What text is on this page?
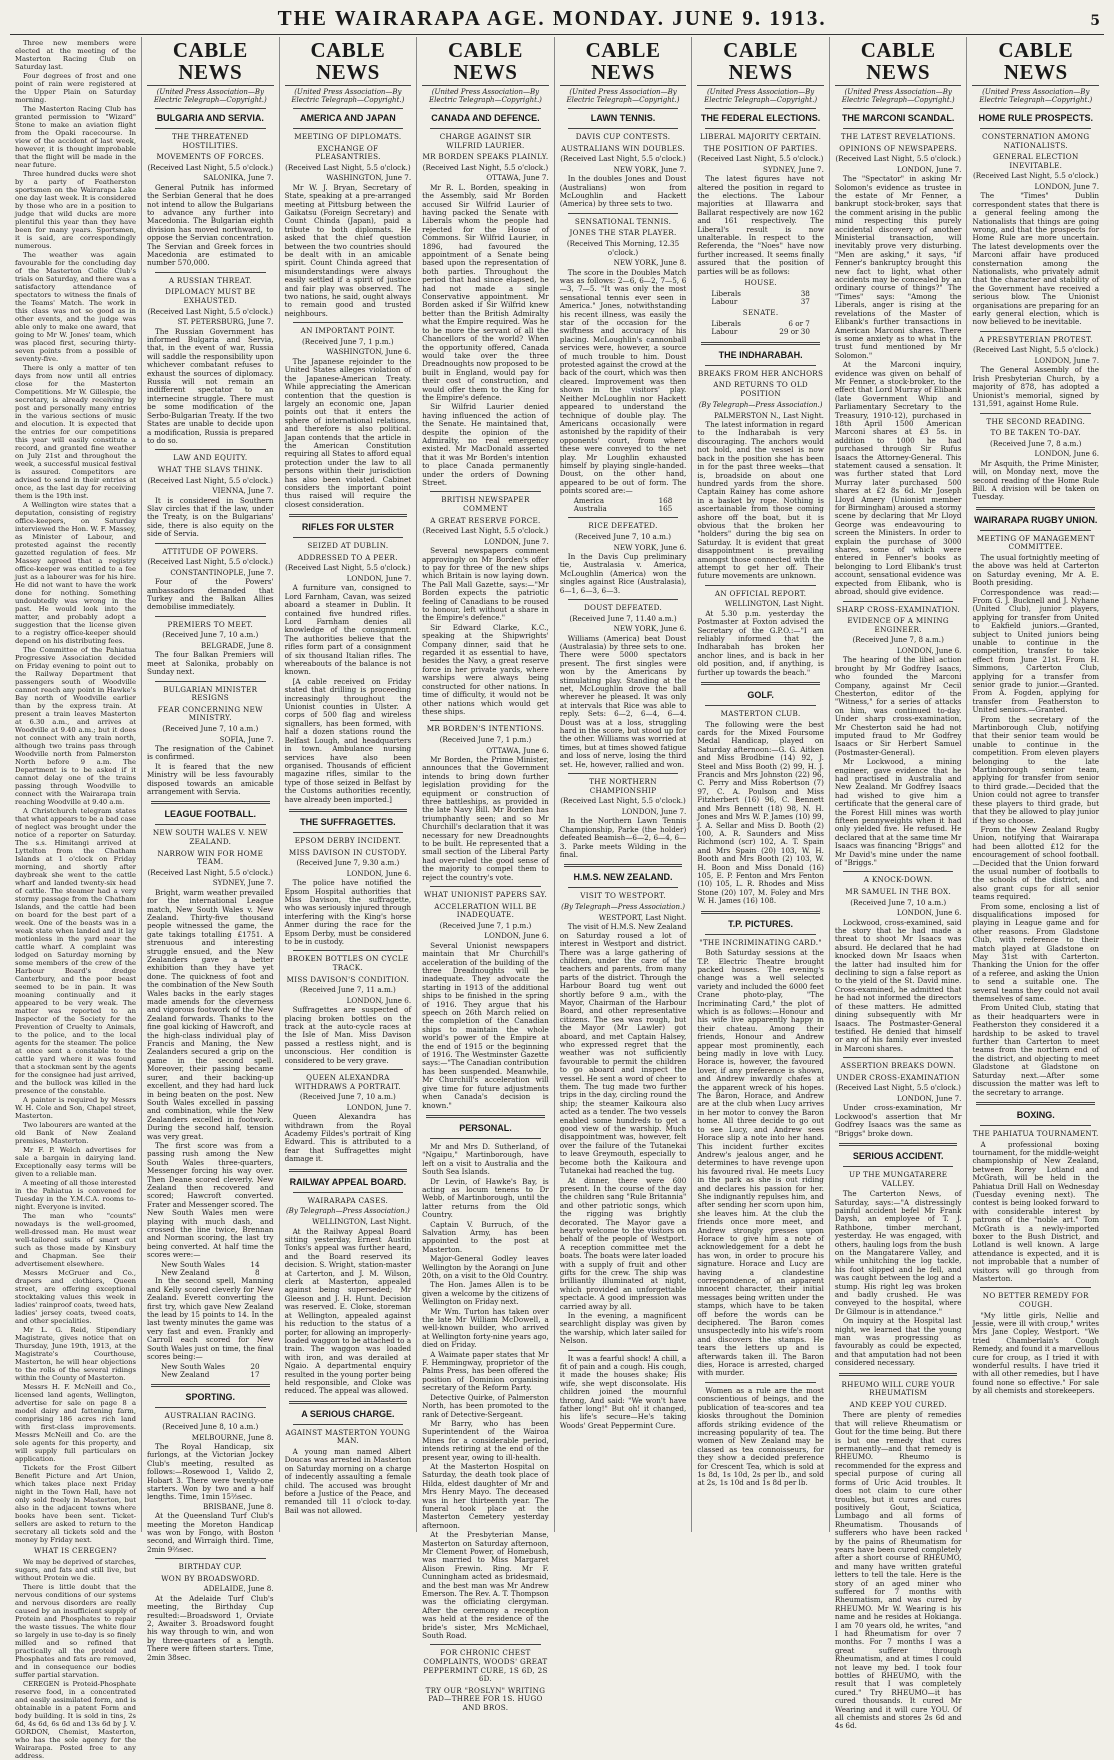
THE WAIRARAPA AGE. MONDAY. JUNE 9. 1913.	5
Three new members were elected at the meeting of the Masterton Racing Club on Saturday last.
Four degrees of frost and one point of rain were registered at the Upper Plain on Saturday morning.
The Masterton Racing Club has granted permission to "Wizard" Stone to make an aviation flight from the Opaki racecourse. In view of the accident of last week, however, it is thought improbable that the flight will be made in the near future.
Three hundred ducks were shot by a party of Featherston sportsmen on the Wairarapa Lake one day last week. It is considered by those who are in a position to judge that wild ducks are more plentiful this year than they have been for many years. Sportsmen, it is said, are correspondingly numerous.
The weather was again favourable for the concluding day of the Masterton Collie Club's trials on Saturday, and there was a satisfactory attendance of spectators to witness the finals of the Teams' Match. The work in this class was not so good as in other events, and the judge was able only to make one award, that going to Mr W. Jones' team, which was placed first, securing thirty-seven points from a possible of seventy-five.
There is only a matter of ten days from now until all entries close for the Masterton Competitions. Mr W. Gillespie, the secretary, is already receiving by post and personally many entries in the various sections of music and elocution. It is expected that the entries for our competitions this year will easily constitute a record, and granted fine weather on July 21st and throughout the week, a successful musical festival is assured. Competitors are advised to send in their entries at once, as the last day for receiving them is the 19th inst.
A Wellington wire states that a deputation, consisting of registry office-keepers, on Saturday interviewed the Hon. W. F. Massey, as Minister of Labour, and protested against the recently gazetted regulation of fees. Mr Massey agreed that a registry office-keeper was entitled to a fee just as a labourer was for his hire. He did not want to have the work done for nothing. Something undoubtedly was wrong in the past. He would look into the matter, and probably adopt a suggestion that the license given to a registry office-keeper should depend on his distributing fees.
The Committee of the Pahiatua Progressive Association decided on Friday evening to point out to the Railway Department that passengers south of Woodville cannot reach any point in Hawke's Bay north of Woodville earlier than by the express train. At present a train leaves Masterton at 6.30 a.m., and arrives at Woodville at 9.40 a.m.; but it does not connect with any train north, although two trains pass through Woodville north from Palmerston North before 9 a.m. The Department is to be asked if it cannot delay one of the trains passing through Woodville to connect with the Wairarapa train reaching Woodville at 9.40 a.m.
A Christchurch telegram states that what appears to be a bad case of neglect was brought under the notice of a reporter on Saturday. The s.s. Himitangi arrived at Lyttelton from the Chatham Islands at 1 o'clock on Friday morning, and shortly after daybreak she went to the cattle wharf and landed twenty-six head of cattle. The steamer had a very stormy passage from the Chatham Islands, and the cattle had been on board for the best part of a week. One of the beasts was in a weak state when landed and it lay motionless in the yard near the cattle wharf. A complaint was lodged on Saturday morning by some members of the crew of the Harbour Board's dredge Canterbury, and the poor beast seemed to be in pain. It was moaning continually and it appeared to be very weak. The matter was reported to an Inspector of the Society for the Prevention of Cruelty to Animals, to the police, and to the local agents for the steamer. The police at once sent a constable to the cattle yard where it was found that a stockman sent by the agents for the consignee had just arrived, and the bullock was killed in the presence of the constable.
A painter is required by Messrs W. H. Cole and Son, Chapel street, Masterton.
Two labourers are wanted at the old Bank of New Zealand premises, Masterton.
Mr F. P. Welch advertises for sale a bargain in dairying land. Exceptionally easy terms will be given to a reliable man.
A meeting of all those interested in the Pahiatua is convened for Tuesday in the Y.M.C.A. rooms to-night. Everyone is invited.
The man who "counts" nowadays is the well-groomed, well-dressed man. He must wear well-tailored suits of smart cut such as those made by Kinsbury and Chapman. See their advertisement elsewhere.
Messrs McGruer and Co., drapers and clothiers, Queen street, are offering exceptional stocktaking values this week in ladies' rainproof coats, tweed hats, ladies' jersey coats, tweed coats, and other specialities.
Mr L. G. Reid, Stipendiary Magistrate, gives notice that on Thursday, June 19th, 1913, at the Magistrate's Courthouse, Masterton, he will hear objections to the rolls of the several ridings within the County of Masterton.
Messrs H. F. McNeill and Co., licensed land agents, Wellington, advertise for sale on page 8 a model dairy and fattening farm, comprising 186 acres rich land with first-class improvements. Messrs McNeill and Co. are the sole agents for this property, and will supply full particulars on application.
Tickets for the Frost Gilbert Benefit Picture and Art Union, which takes place next Friday night in the Town Hall, have not only sold freely in Masterton, but also in the adjacent towns where books have been sent. Ticket-sellers are asked to return to the secretary all tickets sold and the money by Friday next.
WHAT IS CEREGEN?
We may be deprived of starches, sugars, and fats and still live, but without Protein we die.
There is little doubt that the nervous conditions of our systems and nervous disorders are really caused by an insufficient supply of Protein and Phosphates to repair the waste tissues. The white flour so largely in use to-day is so finely milled and so refined that practically all the proteid and Phosphates and fats are removed, and in consequence our bodies suffer partial starvation.
CEREGEN is Proteid-Phosphate reserve food, in a concentrated and easily assimilated form, and is obtainable in a patent Form and body building. It is sold in tins, 2s 6d, 4s 6d, 6s 6d and 13s 6d by J. V. GORDON, Chemist, Masterton, who has the sole agency for the Wairarapa. Posted free to any address.
CABLE NEWS
(United Press Association—By Electric Telegraph—Copyright.)
BULGARIA AND SERVIA.
THE THREATENED HOSTILITIES.
MOVEMENTS OF FORCES.
(Received Last Night, 5.5 o'clock.)
SALONIKA, June 7.
General Putnik has informed the Serbian General that he does not intend to allow the Bulgarians to advance any further into Macedonia. The Bulgarian eighth division has moved northward, to oppose the Servian concentration. The Servian and Greek forces in Macedonia are estimated to number 570,000.
A RUSSIAN THREAT.
DIPLOMACY MUST BE EXHAUSTED.
(Received Last Night, 5.5 o'clock.)
ST. PETERSBURG, June 7.
The Russian Government has informed Bulgaria and Servia, that, in the event of war, Russia will saddle the responsibility upon whichever combatant refuses to exhaust the sources of diplomacy. Russia will not remain an indifferent spectator to an internecine struggle. There must be some modification of the Serbo-Bulgarian Treaty. If the two States are unable to decide upon a modification, Russia is prepared to do so.
LAW AND EQUITY.
WHAT THE SLAVS THINK.
(Received Last Night, 5.5 o'clock.)
VIENNA, June 7.
It is considered in Southern Slav circles that if the law, under the Treaty, is on the Bulgarians' side, there is also equity on the side of Servia.
ATTITUDE OF POWERS.
(Received Last Night, 5.5 o'clock.)
CONSTANTINOPLE, June 7.
Four of the Powers' ambassadors demanded that Turkey and the Balkan Allies demobilise immediately.
PREMIERS TO MEET.
(Received June 7, 10 a.m.)
BELGRADE, June 8.
The four Balkan Premiers will meet at Salonika, probably on Sunday next.
BULGARIAN MINISTER RESIGNS
FEAR CONCERNING NEW MINISTRY.
(Received June 7, 10 a.m.)
SOFIA, June 7.
The resignation of the Cabinet is confirmed.
It is feared that the new Ministry will be less favourably disposed towards an amicable arrangement with Servia.
LEAGUE FOOTBALL.
NEW SOUTH WALES V. NEW ZEALAND.
NARROW WIN FOR HOME TEAM.
(Received Last Night, 5.5 o'clock.)
SYDNEY, June 7.
Bright, warm weather prevailed for the international League match, New South Wales v. New Zealand. Thirty-five thousand people witnessed the game, the gate takings totalling £1751. A strenuous and interesting struggle ensued, and the New Zealanders gave a better exhibition than they have yet done. The quickness of foot and the combination of the New South Wales backs in the early stages made amends for the cleverness and vigorous footwork of the New Zealand forwards. Thanks to the fine goal kicking of Hawcroft, and the high-class individual play of Francis and Maning, the New Zealanders secured a grip on the game in the second spell. Moreover, their passing became surer, and their backing-up excellent, and they had hard luck in being beaten on the post. New South Wales excelled in passing and combination, while the New Zealanders excelled in footwork. During the second half, tension was very great.
The first score was from a passing rush among the New South Wales three-quarters, Messenger forcing his way over. Then Deane scored cleverly. New Zealand then recovered and scored; Hawcroft converted. Frater and Messenger scored. The New South Wales men were playing with much dash, and crossed the line twice, Brennan and Norman scoring, the last try being converted. At half time the scores were:—
New South Wales	14
New Zealand	8
In the second spell, Manning and Kelly scored cleverly for New Zealand. Everett converting the first try, which gave New Zealand the lead by 15 points to 14. In the last twenty minutes the game was very fast and even. Frankly and Carroll each scored for New South Wales just on time, the final scores being:—
New South Wales	20
New Zealand	17
SPORTING.
AUSTRALIAN RACING.
(Received June 8, 10 a.m.)
MELBOURNE, June 8.
The Royal Handicap, six furlongs, at the Victorian Jockey Club's meeting, resulted as follows:—Rosewood 1, Valido 2, Hobart 3. There were twenty-one starters. Won by two and a half lengths. Time, 1min 15⅔sec.
BRISBANE, June 8.
At the Queensland Turf Club's meeting the Moreton Handicap was won by Fongo, with Boston second, and Wirraigh third. Time, 2min 9⅔sec.
BIRTHDAY CUP.
WON BY BROADSWORD.
ADELAIDE, June 8.
At the Adelaide Turf Club's meeting, the Birthday Cup resulted:—Broadsword 1, Orviate 2, Awaiter 3. Broadsword fought his way through to win, and won by three-quarters of a length. There were fifteen starters. Time, 2min 38sec.
CABLE NEWS
(United Press Association—By Electric Telegraph—Copyright.)
AMERICA AND JAPAN
MEETING OF DIPLOMATS.
EXCHANGE OF PLEASANTRIES.
(Received Last Night, 5.5 o'clock.)
WASHINGTON, June 7.
Mr W. J. Bryan, Secretary of State, speaking at a pre-arranged meeting at Pittsburg between the Gaikatsu (Foreign Secretary) and Count Chinda (Japan), paid a tribute to both diplomats. He asked that the chief question between the two countries should be dealt with in an amicable spirit. Count Chinda agreed that misunderstandings were always easily settled if a spirit of justice and fair play was observed. The two nations, he said, ought always to remain good and trusted neighbours.
AN IMPORTANT POINT.
(Received June 7, 1 p.m.)
WASHINGTON, June 6.
The Japanese rejoinder to the United States alleges violation of the Japanese-American Treaty. While appreciating the American contention that the question is largely an economic one, Japan points out that it enters the sphere of international relations, and therefore is also political. Japan contends that the article in the American Constitution requiring all States to afford equal protection under the law to all persons within their jurisdiction has also been violated. Cabinet considers the important point thus raised will require the closest consideration.
RIFLES FOR ULSTER
SEIZED AT DUBLIN.
ADDRESSED TO A PEER.
(Received Last Night, 5.5 o'clock.)
LONDON, June 7.
A furniture van, consigned to Lord Farnham, Cavan, was seized aboard a steamer in Dublin. It contained five hundred rifles. Lord Farnham denies all knowledge of the consignment. The authorities believe that the rifles form part of a consignment of six thousand Italian rifles. The whereabouts of the balance is not known.
[A cable received on Friday stated that drilling is proceeding increasingly throughout the Unionist counties in Ulster. A corps of 500 flag and wireless signallers, has been formed, with half a dozen stations round the Belfast Lough, and headquarters in town. Ambulance nursing services have also been organised. Thousands of efficient magazine rifles, similar to the type of those seized in Belfast by the Customs authorities recently, have already been imported.]
THE SUFFRAGETTES.
EPSOM DERBY INCIDENT.
MISS DAVISON IN CUSTODY.
(Received June 7, 9.30 a.m.)
LONDON, June 6.
The police have notified the Epsom Hospital authorities that Miss Davison, the suffragette, who was seriously injured through interfering with the King's horse Anmer during the race for the Epsom Derby, must be considered to be in custody.
BROKEN BOTTLES ON CYCLE TRACK.
MISS DAVISON'S CONDITION.
(Received June 7, 11 a.m.)
LONDON, June 6.
Suffragettes are suspected of placing broken bottles on the track at the auto-cycle races at the Isle of Man. Miss Davison passed a restless night, and is unconscious. Her condition is considered to be very grave.
QUEEN ALEXANDRA WITHDRAWS A PORTRAIT.
(Received June 7, 10 a.m.)
LONDON, June 7.
Queen Alexandra has withdrawn from the Royal Academy Fildes's portrait of King Edward. This is attributed to a fear that Suffragettes might damage it.
RAILWAY APPEAL BOARD.
WAIRARAPA CASES.
(By Telegraph—Press Association.)
WELLINGTON, Last Night.
At the Railway Appeal Board sitting yesterday, Ernest Austin Tonks's appeal was further heard, and the Board reserved its decision. S. Wright, station-master at Carterton, and J. M. Wilson, clerk at Masterton, appealed against being superseded; Mr Gleeson and J. H. Hunt. Decision was reserved. E. Cloke, storeman at Wellington, appealed against his reduction to the status of a porter, for allowing an improperly-loaded waggon to be attached to a train. The waggon was loaded with iron, and was derailed at Ngaio. A departmental enquiry resulted in the young porter being held responsible, and Cloke was reduced. The appeal was allowed.
A SERIOUS CHARGE.
AGAINST MASTERTON YOUNG MAN.
A young man named Albert Doucas was arrested in Masterton on Saturday morning on a charge of indecently assaulting a female child. The accused was brought before a Justice of the Peace, and remanded till 11 o'clock to-day. Bail was not allowed.
CABLE NEWS
(United Press Association—By Electric Telegraph—Copyright.)
CANADA AND DEFENCE.
CHARGE AGAINST SIR WILFRID LAURIER.
MR BORDEN SPEAKS PLAINLY.
(Received Last Night, 5.5 o'clock.)
OTTAWA, June 7.
Mr R. L. Borden, speaking in the Assembly, said Mr Borden accused Sir Wilfrid Laurier of having packed the Senate with Liberals whom the people had rejected for the House of Commons. Sir Wilfrid Laurier, in 1896, had favoured the appointment of a Senate being based upon the representation of both parties. Throughout the period that had since elapsed, he had not made a single Conservative appointment. Mr Borden asked if Sir Wilfrid knew better than the British Admiralty what the Empire required. Was he to be more the servant of all the Chancellors of the world? When the opportunity offered, Canada would take over the three Dreadnoughts now proposed to be built in England, would pay for their cost of construction, and would offer them to the King for the Empire's defence.
Sir Wilfrid Laurier denied having influenced the action of the Senate. He maintained that, despite the opinion of the Admiralty, no real emergency existed. Mr MacDonald asserted that it was Mr Borden's intention to place Canada permanently under the orders of Downing Street.
BRITISH NEWSPAPER COMMENT
A GREAT RESERVE FORCE.
(Received Last Night, 5.5 o'clock.)
LONDON, June 7.
Several newspapers comment approvingly on Mr Borden's offer to pay for three of the new ships which Britain is now laying down. The Pall Mall Gazette, says:—"Mr Borden expects the patriotic feeling of Canadians to be roused to honour, left without a share in the Empire's defence."
Sir Edward Clarke, K.C., speaking at the Shipwrights' Company dinner, said that he regarded it as essential to have, besides the Navy, a great reserve force in her private yards, where warships were always being constructed for other nations. In time of difficulty, it would not be other nations which would get these ships.
MR BORDEN'S INTENTIONS.
(Received June 7, 1 p.m.)
OTTAWA, June 6.
Mr Borden, the Prime Minister, announces that the Government intends to bring down further legislation providing for the equipment or construction of three battleships, as provided in the late Navy Bill. Mr Borden has triumphantly seen; and so Mr Churchill's declaration that it was necessary for new Dreadnoughts to be built. He represented that a small section of the Liberal Party had over-ruled the good sense of the majority to compel them to reject the country's vote.
WHAT UNIONIST PAPERS SAY.
ACCELERATION WILL BE INADEQUATE.
(Received June 7, 1 p.m.)
LONDON, June 6.
Several Unionist newspapers maintain that Mr Churchill's acceleration of the building of the three Dreadnoughts will be inadequate. They advocate the starting in 1913 of the additional ships to be finished in the spring of 1916. They argue that his speech on 26th March relied on the completion of the Canadian ships to maintain the whole world's power of the Empire at the end of 1915 or the beginning of 1916. The Westminster Gazette says:—"The Canadian contribution has been suspended. Meanwhile, Mr Churchill's acceleration will give time for future adjustments when Canada's decision is known."
PERSONAL.
Mr and Mrs D. Sutherland, of "Ngaipu," Martinborough, have left on a visit to Australia and the South Sea Islands.
Dr Levin, of Hawke's Bay, is acting as locum tenens to Dr Webb, of Martinborough, until the latter returns from the Old Country.
Captain V. Burruch, of the Salvation Army, has been appointed to the post at Masterton.
Major-General Godley leaves Wellington by the Aorangi on June 20th, on a visit to the Old Country.
The Hon. James Allen is to be given a welcome by the citizens of Wellington on Friday next.
Mr Wm. Turton has taken over the late Mr William McDowell, a well-known builder, who arrived at Wellington forty-nine years ago, died on Friday.
A Waimate paper states that Mr F. Hemmingway, proprietor of the Palms Press, has been offered the position of Dominion organising secretary of the Reform Party.
Detective Quirke, of Palmerston North, has been promoted to the rank of Detective-Sergeant.
Mr Barry, who has been Superintendent of the Wairoa Mines for a considerable period, intends retiring at the end of the present year, owing to ill-health.
At the Masterton Hospital on Saturday, the death took place of Hilda, eldest daughter of Mr and Mrs Henry Mayo. The deceased was in her thirteenth year. The funeral took place at the Masterton Cemetery yesterday afternoon.
At the Presbyterian Manse, Masterton on Saturday afternoon, Mr Clement Power, of Homebush, was married to Miss Margaret Alison Frewin. Ring. Mr F. Cunningham acted as bridesmaid, and the best man was Mr Andrew Emerson. The Rev. A. T. Thompson was the officiating clergyman. After the ceremony a reception was held at the residence of the bride's sister, Mrs McMichael, South Road.
FOR CHRONIC CHEST COMPLAINTS, WOODS' GREAT PEPPERMINT CURE, 1S 6D, 2S 6D.
TRY OUR "ROSLYN" WRITING PAD—THREE FOR 1S. HUGO AND BROS.
CABLE NEWS
(United Press Association—By Electric Telegraph—Copyright.)
LAWN TENNIS.
DAVIS CUP CONTESTS.
AUSTRALIANS WIN DOUBLES.
(Received Last Night, 5.5 o'clock.)
NEW YORK, June 7.
In the doubles Jones and Doust (Australians) won from McLoughlin and Hackett (America) by three sets to two.
SENSATIONAL TENNIS.
JONES THE STAR PLAYER.
(Received This Morning, 12.35 o'clock.)
NEW YORK, June 8.
The score in the Doubles Match was as follows: 2—6, 6—2, 7—5, 6—3, 7—5. "It was only the most sensational tennis ever seen in America." Jones, notwithstanding his recent illness, was easily the star of the occasion for the swiftness and accuracy of his placing. McLoughlin's cannonball services were, however, a source of much trouble to him. Doust protested against the crowd at the back of the court, which was then cleared. Improvement was then shown in the visitors' play. Neither McLoughlin nor Hackett appeared to understand the technique of double play. The Americans occasionally were astonished by the rapidity of their opponents' court, from where these were conveyed to the net play. Mr Loughlin exhausted himself by playing single-handed. Doust, on the other hand, appeared to be out of form. The points scored are:—
America	168
Australia	165
RICE DEFEATED.
(Received June 7, 10 a.m.)
NEW YORK, June 6.
In the Davis Cup preliminary tie, Australasia v. America, McLoughlin (America) won the singles against Rice (Australasia), 6—1, 6—3, 6—3.
DOUST DEFEATED.
(Received June 7, 11.40 a.m.)
NEW YORK, June 6.
Williams (America) beat Doust (Australasia) by three sets to one. There were 5000 spectators present. The first singles were won by the Americans by stimulating play. Standing at the net, McLoughlin drove the ball wherever he pleased. It was only at intervals that Rice was able to reply. Sets: 6—2, 6—4, 6—4. Doust was at a loss, struggling hard in the score, but stood up for the other. Williams was worried at times, but at times showed fatigue and loss of nerve, losing the third set. He, however, rallied and won.
THE NORTHERN CHAMPIONSHIP
(Received Last Night, 5.5 o'clock.)
LONDON, June 7.
In the Northern Lawn Tennis Championship, Parke (the holder) defeated Beamish—6—2, 6—4, 6—3. Parke meets Wilding in the final.
H.M.S. NEW ZEALAND.
VISIT TO WESTPORT.
(By Telegraph—Press Association.)
WESTPORT, Last Night.
The visit of H.M.S. New Zealand on Saturday roused a lot of interest in Westport and district. There was a large gathering of children, under the care of the teachers and parents, from many parts of the district. Through the Harbour Board tug went out shortly before 9 a.m., with the Mayor, Chairman of the Harbour Board, and other representative citizens. The sea was rough, but the Mayor (Mr Lawler) got aboard, and met Captain Halsey, who expressed regret that the weather was not sufficiently favourable to permit the children to go aboard and inspect the vessel. He sent a word of cheer to them. The tug made two further trips in the day, circling round the ship; the steamer Kaikoura also acted as a tender. The two vessels enabled some hundreds to get a good view of the warship. Much disappointment was, however, felt over the failure of the Tutanekai to leave Greymouth, especially to become both the Kaikoura and Tutanekai had reached the tug.
At dinner, there were 600 present. In the course of the day the children sang "Rule Britannia" and other patriotic songs, which the rigging was brightly decorated. The Mayor gave a hearty welcome to the visitors on behalf of the people of Westport. A reception committee met the boats. The boats were later loaded with a supply of fruit and other gifts for the crew. The ship was brilliantly illuminated at night, which provided an unforgettable spectacle. A good impression was carried away by all.
In the evening, a magnificent searchlight display was given by the warship, which later sailed for Nelson.
It was a fearful shock! A chill, a fit of pain and a cough. His cough, it made the houses shake; His wife, she wept disconsolate. His children joined the mournful throng, And said: "We won't have father long!" But oh! it changed, his life's secure—He's taking Woods' Great Peppermint Cure.
CABLE NEWS
(United Press Association—By Electric Telegraph—Copyright.)
THE FEDERAL ELECTIONS.
LIBERAL MAJORITY CERTAIN.
THE POSITION OF PARTIES.
(Received Last Night, 5.5 o'clock.)
SYDNEY, June 7.
The latest figures have not altered the position in regard to the elections. The Labour majorities at Illawarra and Ballarat respectively are now 162 and 161 respectively. The Liberal's result is now unalterable. In respect to the Referenda, the "Noes" have now further increased. It seems finally assured that the position of parties will be as follows:
HOUSE.
Liberals	38
Labour	37
SENATE.
Liberals	6 or 7
Labour	29 or 30
THE INDHARABAH.
BREAKS FROM HER ANCHORS
AND RETURNS TO OLD POSITION
(By Telegraph—Press Association.)
PALMERSTON N., Last Night.
The latest information in regard to the Indharabah is very discouraging. The anchors would not hold, and the vessel is now back in the position she has been in for the past three weeks—that is, broadside on about one hundred yards from the shore. Captain Rainey has come ashore in a basket by rope. Nothing is ascertainable from those coming ashore off the boat, but it is obvious that the broken her "holders" during the big sea on Saturday. It is evident that great disappointment is prevailing amongst those connected with the attempt to get her off. Their future movements are unknown.
AN OFFICIAL REPORT.
WELLINGTON, Last Night.
At 5.30 p.m. yesterday the Postmaster at Foxton advised the Secretary of the G.P.O.:—"I am reliably informed that the Indharabah has broken her anchor lines, and is back in her old position, and, if anything, is further up towards the beach."
GOLF.
MASTERTON CLUB.
The following were the best cards for the Mixed Foursome Medal Handicap, played on Saturday afternoon:—G. G. Aitken and Miss Brodbine (14) 92, J. Steel and Miss Booth (2) 99, H. J. Francis and Mrs Johnston (22) 96, C. Perry and Miss Robertson (7) 97, C. A. Poulson and Miss Fitzherbert (16) 96, C. Bennett and Mrs Bennett (18) 98, N. H. Jones and Mrs W. P. James (10) 99, J. A. Sellar and Miss D. Booth (2) 100, A. R. Saunders and Miss Richmond (scr) 102, A. T. Spain and Mrs Spain (20) 103, W. H. Booth and Mrs Booth (2) 103, W. H. Boon and Miss Donald (16) 105, E. P. Fenton and Mrs Fenton (10) 105, L. R. Rhodes and Miss Stone (20) 107, M. Foley and Mrs W. H. James (16) 108.
T.P. PICTURES.
"THE INCRIMINATING CARD."
Both Saturday sessions at the T.P. Electric Theatre brought packed houses. The evening's change was a well selected variety and included the 6000 feet Crane photo-play, "The Incriminating Card," the plot of which is as follows:—Honour and his wife live apparently happy in their chateau. Among their friends, Honour and Andrew appear most prominently, each being madly in love with Lucy. Horace is, however, the favoured lover, if any preference is shown, and Andrew inwardly chafes at the apparent wreck of his hopes. The Baron, Horace, and Andrew are at the club when Lucy arrives in her motor to convey the Baron home. All three decide to go out to see Lucy, and Andrew sees Horace slip a note into her hand. This incident further excites Andrew's jealous anger, and he determines to have revenge upon his favoured rival. He meets Lucy in the park as she is out riding and declares his passion for her. She indignantly repulses him, and after sending her scorn upon him, she leaves him. At the club the friends once more meet, and Andrew strongly presses upon Horace to give him a note of acknowledgement for a debt he has won, in order to procure his signature. Horace and Lucy are having a clandestine correspondence, of an apparent innocent character, their initial messages being written under the stamps, which have to be taken off before the words can be deciphered. The Baron comes unsuspectedly into his wife's room and discovers the stamps. He tears the letters up and is afterwards taken ill. The Baron dies, Horace is arrested, charged with murder.
Women as a rule are the most conscientious of beings, and the publication of tea-scores and tea kiosks throughout the Dominion affords striking evidence of the increasing popularity of tea. The women of New Zealand may be classed as tea connoisseurs, for they show a decided preference for Crescent Tea, which is sold at 1s 8d, 1s 10d, 2s per lb., and sold at 2s, 1s 10d and 1s 8d per lb.
CABLE NEWS
(United Press Association—By Electric Telegraph—Copyright.)
THE MARCONI SCANDAL.
THE LATEST REVELATIONS.
OPINIONS OF NEWSPAPERS.
(Received Last Night, 5.5 o'clock.)
LONDON, June 7.
The "Spectator" in asking Mr Solomon's evidence as trustee in the estate of Mr Fenner, a bankrupt stock-broker, says that the comment arising in the public mind respecting this purely accidental discovery of another Ministerial transaction, will inevitably prove very disturbing. "Men are asking," it says, "if Fenner's bankruptcy brought this new fact to light, what other accidents may be concealed by an ordinary course of things?" The "Times" says: "Among the Liberals, anger is rising at the revelations of the Master of Elibank's further transactions in American Marconi shares. There is some anxiety as to what in the trust fund mentioned by Mr Solomon."
At the Marconi inquiry, evidence was given on behalf of Mr Fenner, a stock-broker, to the effect that Lord Murray of Elibank (late Government Whip and Parliamentary Secretary to the Treasury, 1910-12), purchased in 18th April 1500 American Marconi shares at £3 5s. in addition to 1000 he had purchased through Sir Rufus Isaacs the Attorney-General. This statement caused a sensation. It was further stated that Lord Murray later purchased 500 shares at £2 8s 6d. Mr Joseph Lloyd Amery (Unionist member for Birmingham) aroused a stormy scene by declaring that Mr Lloyd George was endeavouring to screen the Ministers. In order to explain the purchase of 3000 shares, some of which were entered in Fenner's books as belonging to Lord Elibank's trust account, sensational evidence was expected from Elibank, who is abroad, should give evidence.
SHARP CROSS-EXAMINATION.
EVIDENCE OF A MINING ENGINEER.
(Received June 7, 8 a.m.)
LONDON, June 6.
The hearing of the libel action brought by Mr Godfrey Isaacs, who founded the Marconi Company, against Mr Cecil Chesterton, editor of the "Witness," for a series of attacks on him, was continued to-day. Under sharp cross-examination, Mr Chesterton said he had not imputed fraud to Mr Godfrey Isaacs or Sir Herbert Samuel (Postmaster-General).
Mr Lockwood, a mining engineer, gave evidence that he had practised in Australia and New Zealand. Mr Godfrey Isaacs had wished to give him a certificate that the general care of the Forest Hill mines was worth fifteen pennyweights when it had only yielded five. He refused. He declared that at the same time Mr Isaacs was financing "Briggs" and Mr David's mine under the name of "Briggs."
A KNOCK-DOWN.
MR SAMUEL IN THE BOX.
(Received June 7, 10 a.m.)
LONDON, June 6.
Lockwood, cross-examined, said the story that he had made a threat to shoot Mr Isaacs was absurd. He declared that he had knocked down Mr Isaacs when the latter had insulted him for declining to sign a false report as to the yield of the St. David mine. Cross-examined, he admitted that he had not informed the directors of these matters. He admitted dining subsequently with Mr Isaacs. The Postmaster-General testified. He denied that himself or any of his family ever invested in Marconi shares.
ASSERTION BREAKS DOWN.
UNDER CROSS-EXAMINATION
(Received Last Night, 5.5 o'clock.)
LONDON, June 7.
Under cross-examination, Mr Lockwood's assertion that Mr Godfrey Isaacs was the same as "Briggs" broke down.
SERIOUS ACCIDENT.
UP THE MUNGATARERE VALLEY.
The Carterton News, of Saturday, says:—"A distressingly painful accident befel Mr Frank Daysh, an employee of T. J. Rathbone, timber merchant, yesterday. He was engaged, with others, hauling logs from the bush on the Mangatarere Valley, and while unhitching the log tackle, his foot slipped and he fell, and was caught between the log and a stump. His right leg was broken and badly crushed. He was conveyed to the hospital, where Dr Gilmour is in attendance."
On inquiry at the Hospital last night, we learned that the young man was progressing as favourably as could be expected, and that amputation had not been considered necessary.
RHEUMO WILL CURE YOUR RHEUMATISM
AND KEEP YOU CURED.
There are plenty of remedies that will relieve Rheumatism or Gout for the time being. But there is but one remedy that cures permanently—and that remedy is RHEUMO. Rheumo is recommended for the express and special purpose of curing all forms of Uric Acid troubles. It does not claim to cure other troubles, but it cures and cures positively Gout, Sciatica, Lumbago and all forms of Rheumatism. Thousands of sufferers who have been racked by the pains of Rheumatism for years have been cured completely after a short course of RHEUMO, and many have written grateful letters to tell the tale. Here is the story of an aged miner who suffered for 7 months with Rheumatism, and was cured by RHEUMO. Mr W. Wearing is his name and he resides at Hokianga. I am 70 years old, he writes, "and I had Rheumatism for over 7 months. For 7 months I was a great sufferer through Rheumatism, and at times I could not leave my bed. I took four bottles of RHEUMO, with the result that I was completely cured." Try RHEUMO—it has cured thousands. It cured Mr Wearing and it will cure YOU. Of all chemists and stores 2s 6d and 4s 6d.
CABLE NEWS
(United Press Association—By Electric Telegraph—Copyright.)
HOME RULE PROSPECTS.
CONSTERNATION AMONG NATIONALISTS.
GENERAL ELECTION INEVITABLE.
(Received Last Night, 5.5 o'clock.)
LONDON, June 7.
The "Times" Dublin correspondent states that there is a general feeling among the Nationalists that things are going wrong, and that the prospects for Home Rule are more uncertain. The latest developments over the Marconi affair have produced consternation among the Nationalists, who privately admit that the character and stability of the Government have received a serious blow. The Unionist organisations are preparing for an early general election, which is now believed to be inevitable.
A PRESBYTERIAN PROTEST.
(Received Last Night, 5.5 o'clock.)
LONDON, June 7.
The General Assembly of the Irish Presbyterian Church, by a majority of 878, has adopted a Unionist's memorial, signed by 131,591, against Home Rule.
THE SECOND READING.
TO BE TAKEN TO-DAY.
(Received June 7, 8 a.m.)
LONDON, June 6.
Mr Asquith, the Prime Minister, will, on Monday next, move the second reading of the Home Rule Bill. A division will be taken on Tuesday.
WAIRARAPA RUGBY UNION.
MEETING OF MANAGEMENT COMMITTEE.
The usual fortnightly meeting of the above was held at Carterton on Saturday evening, Mr A. E. Booth presiding.
Correspondence was read:—From G. J. Bucknell and J. Nyhane (United Club), junior players, applying for transfer from United to Eakfield juniors.—Granted, subject to United juniors being unable to continue in the competition, transfer to take effect from June 21st. From H. Simmons, Carterton Club, applying for a transfer from senior grade to junior.—Granted. From A. Fogden, applying for transfer from Featherston to United seniors.—Granted.
From the secretary of the Martinborough Club, notifying that their senior team would be unable to continue in the competition. From eleven players belonging to the late Martinborough senior team, applying for transfer from senior to third grade.—Decided that the Union could not agree to transfer these players to third grade, but that they be allowed to play junior if they so choose.
From the New Zealand Rugby Union, notifying that Wairarapa had been allotted £12 for the encouragement of school football.—Decided that the Union forward the usual number of footballs to the schools of the district, and also grant cups for all senior teams required.
From some, enclosing a list of disqualifications imposed for playing in League game and for other reasons. From Gladstone Club, with reference to their match played at Gladstone on May 31st with Carterton. Thanking the Union for the offer of a referee, and asking the Union to send a suitable one. The several teams they could not avail themselves of same.
From United Club, stating that as their headquarters were in Featherston they considered it a hardship to be asked to travel further than Carterton to meet teams from the northern end of the district, and objecting to meet Gladstone at Gladstone on Saturday next.—After some discussion the matter was left to the secretary to arrange.
BOXING.
THE PAHIATUA TOURNAMENT.
A professional boxing tournament, for the middle-weight championship of New Zealand, between Rorey Lotland and McGrath, will be held in the Pahiatua Drill Hall on Wednesday (Tuesday evening next). The contest is being looked forward to with considerable interest by patrons of the "noble art." Tom McGrath is a newly-imported boxer to the Bush District, and Lotland is well known. A large attendance is expected, and it is not improbable that a number of visitors will go through from Masterton.
NO BETTER REMEDY FOR COUGH.
"My little girls, Nellie and Jessie, were ill with croup," writes Mrs Jane Copley, Westport. "We tried Chamberlain's Cough Remedy, and found it a marvellous cure for croup, as I tried it with wonderful results. I have tried it with all other remedies, but I have found none so effective." For sale by all chemists and storekeepers.
